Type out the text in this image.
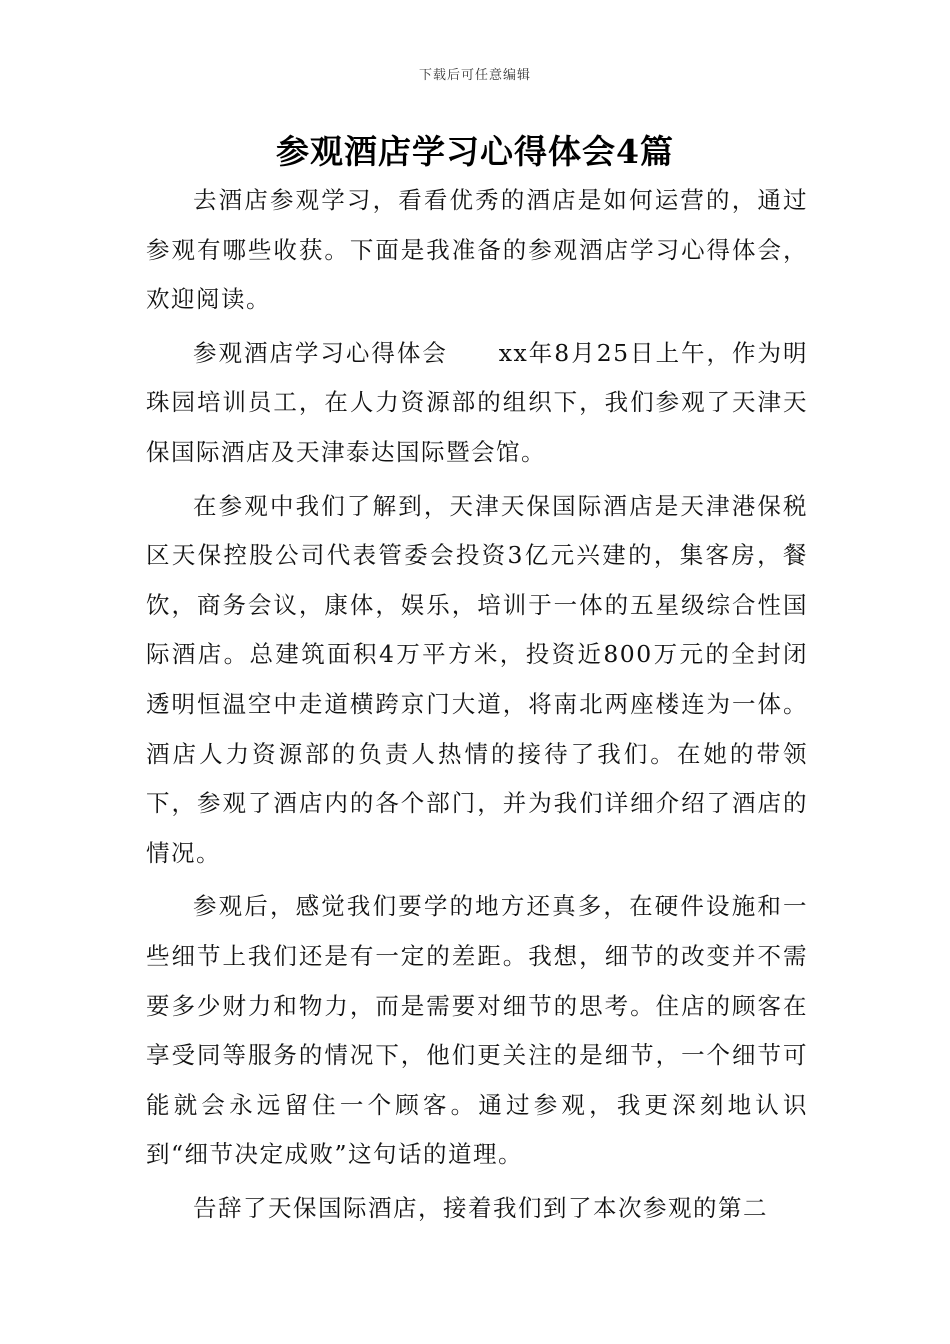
下载后可任意编辑
参观酒店学习心得体会4篇

去酒店参观学习，看看优秀的酒店是如何运营的，通过参观有哪些收获。下面是我准备的参观酒店学习心得体会，欢迎阅读。

参观酒店学习心得体会　　xx年8月25日上午，作为明珠园培训员工，在人力资源部的组织下，我们参观了天津天保国际酒店及天津泰达国际暨会馆。

在参观中我们了解到，天津天保国际酒店是天津港保税区天保控股公司代表管委会投资3亿元兴建的，集客房，餐饮，商务会议，康体，娱乐，培训于一体的五星级综合性国际酒店。总建筑面积4万平方米，投资近800万元的全封闭透明恒温空中走道横跨京门大道，将南北两座楼连为一体。酒店人力资源部的负责人热情的接待了我们。在她的带领下，参观了酒店内的各个部门，并为我们详细介绍了酒店的情况。

参观后，感觉我们要学的地方还真多，在硬件设施和一些细节上我们还是有一定的差距。我想，细节的改变并不需要多少财力和物力，而是需要对细节的思考。住店的顾客在享受同等服务的情况下，他们更关注的是细节，一个细节可能就会永远留住一个顾客。通过参观，我更深刻地认识到“细节决定成败”这句话的道理。

告辞了天保国际酒店，接着我们到了本次参观的第二
